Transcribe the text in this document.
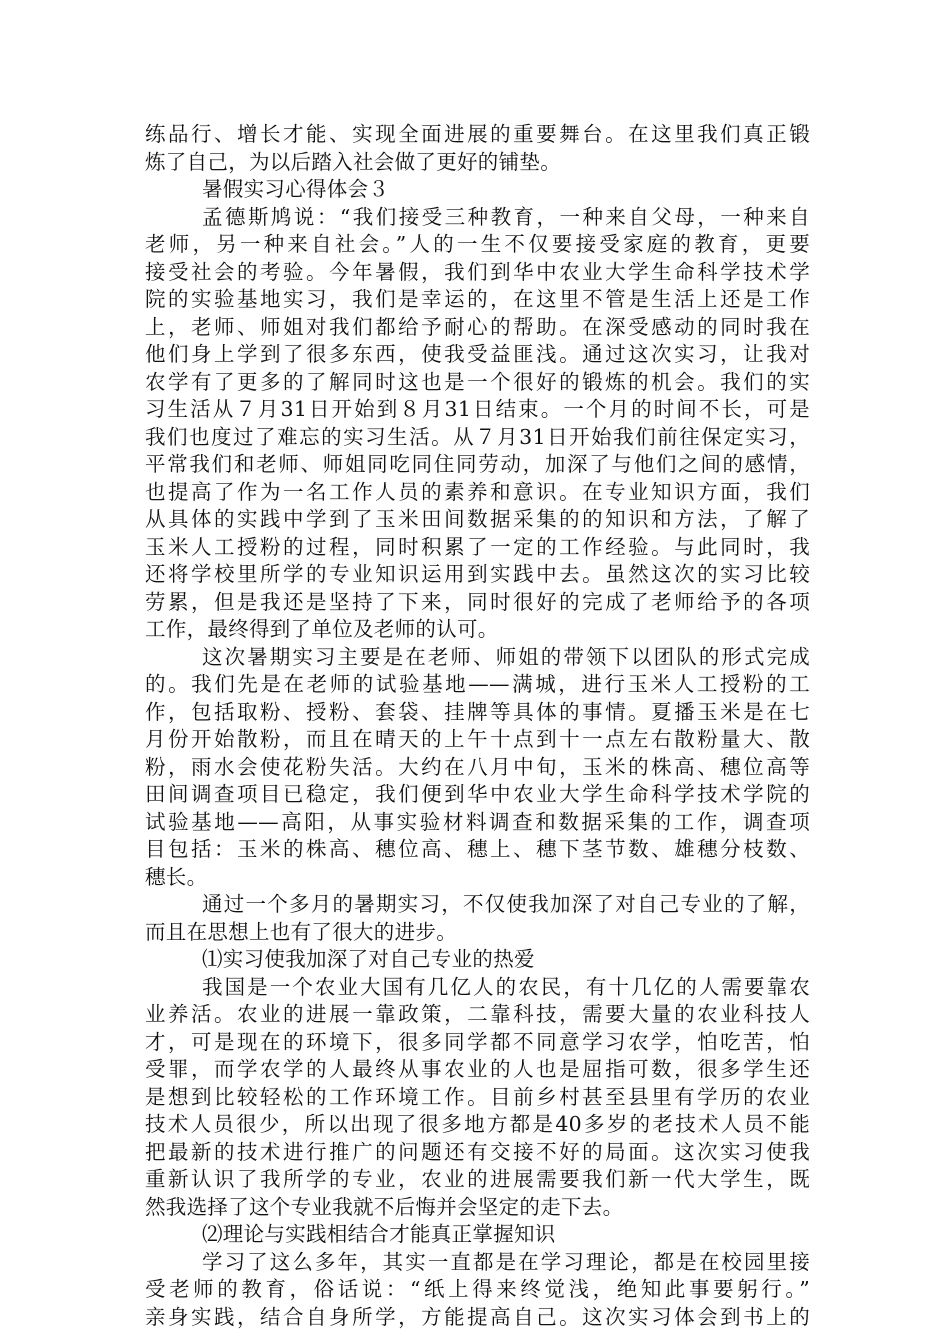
练品行、增长才能、实现全面进展的重要舞台。在这里我们真正锻
炼了自己，为以后踏入社会做了更好的铺垫。
暑假实习心得体会３
孟德斯鸠说：“我们接受三种教育，一种来自父母，一种来自
老师，另一种来自社会。”人的一生不仅要接受家庭的教育，更要
接受社会的考验。今年暑假，我们到华中农业大学生命科学技术学
院的实验基地实习，我们是幸运的，在这里不管是生活上还是工作
上，老师、师姐对我们都给予耐心的帮助。在深受感动的同时我在
他们身上学到了很多东西，使我受益匪浅。通过这次实习，让我对
农学有了更多的了解同时这也是一个很好的锻炼的机会。我们的实
习生活从７月31日开始到８月31日结束。一个月的时间不长，可是
我们也度过了难忘的实习生活。从７月31日开始我们前往保定实习，
平常我们和老师、师姐同吃同住同劳动，加深了与他们之间的感情，
也提高了作为一名工作人员的素养和意识。在专业知识方面，我们
从具体的实践中学到了玉米田间数据采集的的知识和方法，了解了
玉米人工授粉的过程，同时积累了一定的工作经验。与此同时，我
还将学校里所学的专业知识运用到实践中去。虽然这次的实习比较
劳累，但是我还是坚持了下来，同时很好的完成了老师给予的各项
工作，最终得到了单位及老师的认可。
这次暑期实习主要是在老师、师姐的带领下以团队的形式完成
的。我们先是在老师的试验基地——满城，进行玉米人工授粉的工
作，包括取粉、授粉、套袋、挂牌等具体的事情。夏播玉米是在七
月份开始散粉，而且在晴天的上午十点到十一点左右散粉量大、散
粉，雨水会使花粉失活。大约在八月中旬，玉米的株高、穗位高等
田间调查项目已稳定，我们便到华中农业大学生命科学技术学院的
试验基地——高阳，从事实验材料调查和数据采集的工作，调查项
目包括：玉米的株高、穗位高、穗上、穗下茎节数、雄穗分枝数、
穗长。
通过一个多月的暑期实习，不仅使我加深了对自己专业的了解，
而且在思想上也有了很大的进步。
⑴实习使我加深了对自己专业的热爱
我国是一个农业大国有几亿人的农民，有十几亿的人需要靠农
业养活。农业的进展一靠政策，二靠科技，需要大量的农业科技人
才，可是现在的环境下，很多同学都不同意学习农学，怕吃苦，怕
受罪，而学农学的人最终从事农业的人也是屈指可数，很多学生还
是想到比较轻松的工作环境工作。目前乡村甚至县里有学历的农业
技术人员很少，所以出现了很多地方都是40多岁的老技术人员不能
把最新的技术进行推广的问题还有交接不好的局面。这次实习使我
重新认识了我所学的专业，农业的进展需要我们新一代大学生，既
然我选择了这个专业我就不后悔并会坚定的走下去。
⑵理论与实践相结合才能真正掌握知识
学习了这么多年，其实一直都是在学习理论，都是在校园里接
受老师的教育，俗话说：“纸上得来终觉浅，绝知此事要躬行。”
亲身实践，结合自身所学，方能提高自己。这次实习体会到书上的
